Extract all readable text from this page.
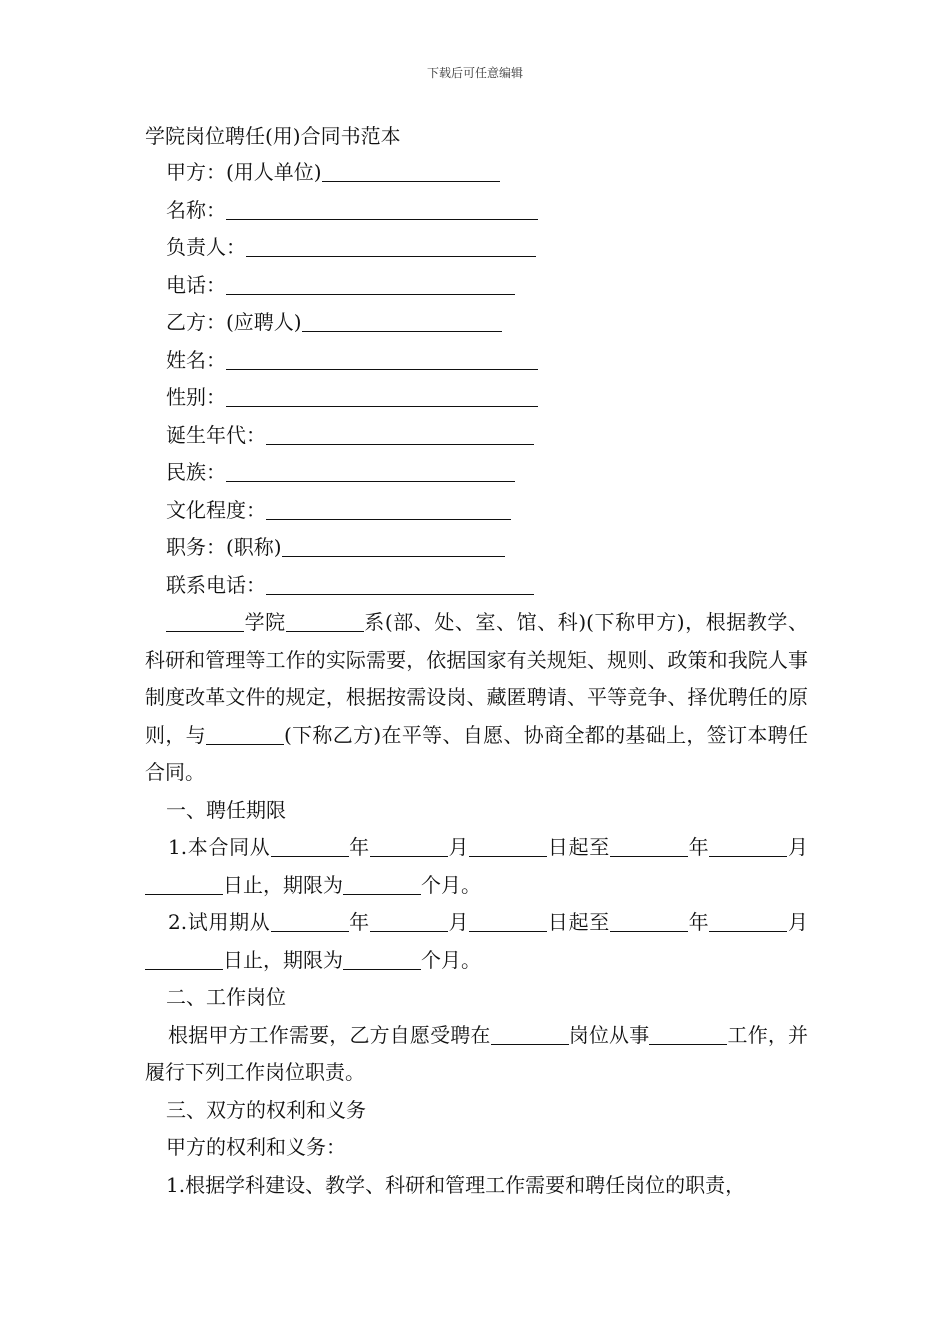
下载后可任意编辑
学院岗位聘任(用)合同书范本
甲方：(用人单位)
名称：
负责人：
电话：
乙方：(应聘人)
姓名：
性别：
诞生年代：
民族：
文化程度：
职务：(职称)
联系电话：
学院	系(部、处、室、馆、科)(下称甲方)，根据教学、科研和管理等工作的实际需要，依据国家有关规矩、规则、政策和我院人事制度改革文件的规定，根据按需设岗、藏匿聘请、平等竞争、择优聘任的原则，与	(下称乙方)在平等、自愿、协商全都的基础上，签订本聘任合同。
一、聘任期限
1.本合同从	年	月	日起至	年	月日止，期限为	个月。
2.试用期从	年	月	日起至	年	月日止，期限为	个月。
二、工作岗位
根据甲方工作需要，乙方自愿受聘在	岗位从事	工作，并履行下列工作岗位职责。
三、双方的权利和义务
甲方的权利和义务：
1.根据学科建设、教学、科研和管理工作需要和聘任岗位的职责，
